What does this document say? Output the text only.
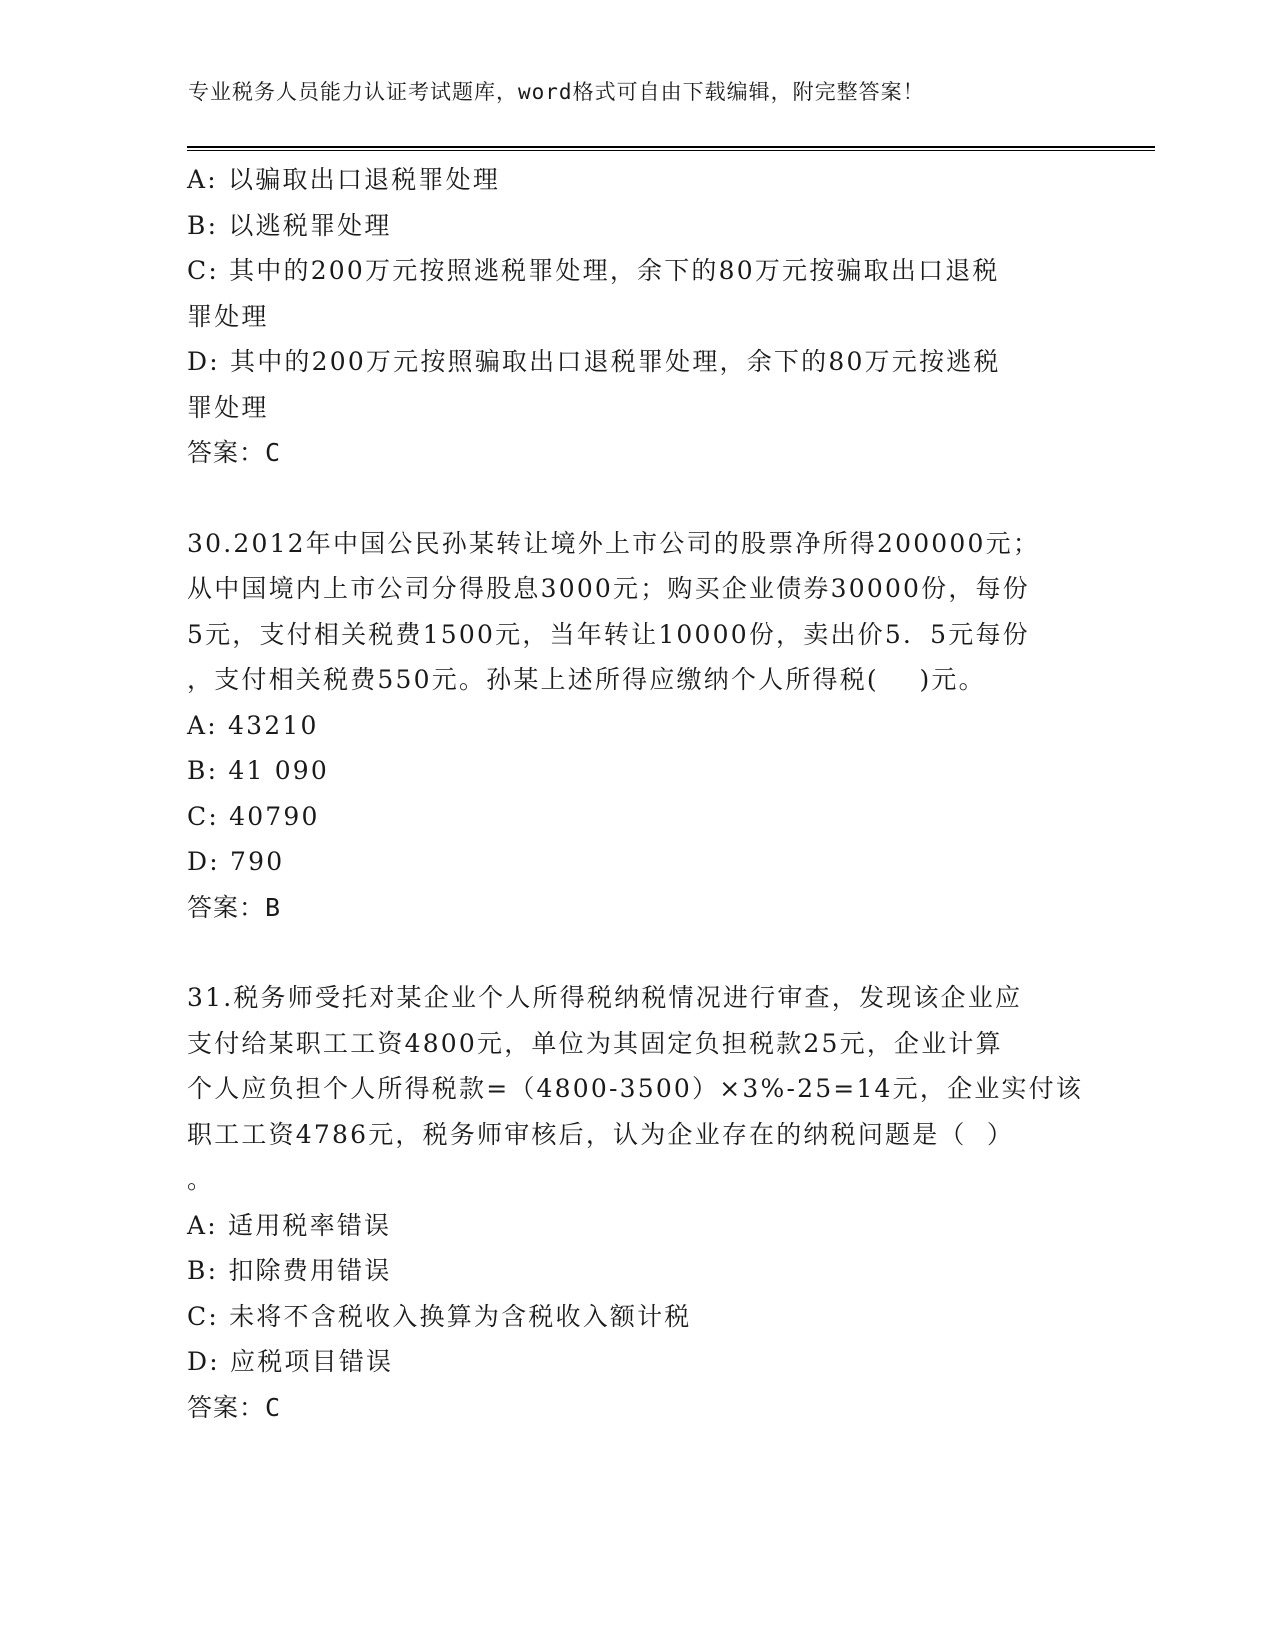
专业税务人员能力认证考试题库，word格式可自由下载编辑，附完整答案！
A: 以骗取出口退税罪处理
B: 以逃税罪处理
C: 其中的200万元按照逃税罪处理，余下的80万元按骗取出口退税
罪处理
D: 其中的200万元按照骗取出口退税罪处理，余下的80万元按逃税
罪处理
答案：C
30.2012年中国公民孙某转让境外上市公司的股票净所得200000元；
从中国境内上市公司分得股息3000元；购买企业债券30000份，每份
5元，支付相关税费1500元，当年转让10000份，卖出价5．5元每份
，支付相关税费550元。孙某上述所得应缴纳个人所得税(    )元。
A: 43210
B: 41 090
C: 40790
D: 790
答案：B
31.税务师受托对某企业个人所得税纳税情况进行审查，发现该企业应
支付给某职工工资4800元，单位为其固定负担税款25元，企业计算
个人应负担个人所得税款=（4800-3500）×3%-25=14元，企业实付该
职工工资4786元，税务师审核后，认为企业存在的纳税问题是（  ）
。
A: 适用税率错误
B: 扣除费用错误
C: 未将不含税收入换算为含税收入额计税
D: 应税项目错误
答案：C
